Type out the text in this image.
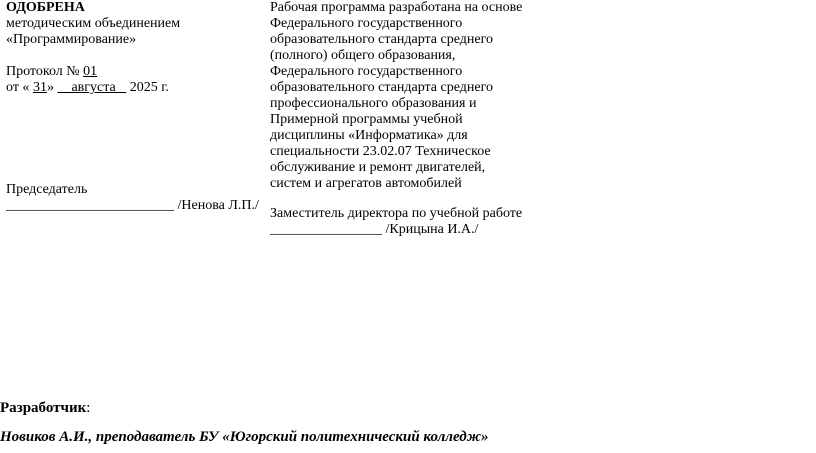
ОДОБРЕНА
методическим объединением
«Программирование»
Протокол № 01
от « 31»     августа    2025 г.
Председатель
________________________ /Ненова Л.П./
Рабочая программа разработана на основе
Федерального государственного
образовательного стандарта среднего
(полного) общего образования,
Федерального государственного
образовательного стандарта среднего
профессионального образования и
Примерной программы учебной
дисциплины «Информатика» для
специальности 23.02.07 Техническое
обслуживание и ремонт двигателей,
систем и агрегатов автомобилей
Заместитель директора по учебной работе
________________ /Крицына И.А./
Разработчик:
Новиков А.И., преподаватель БУ «Югорский политехнический колледж»
